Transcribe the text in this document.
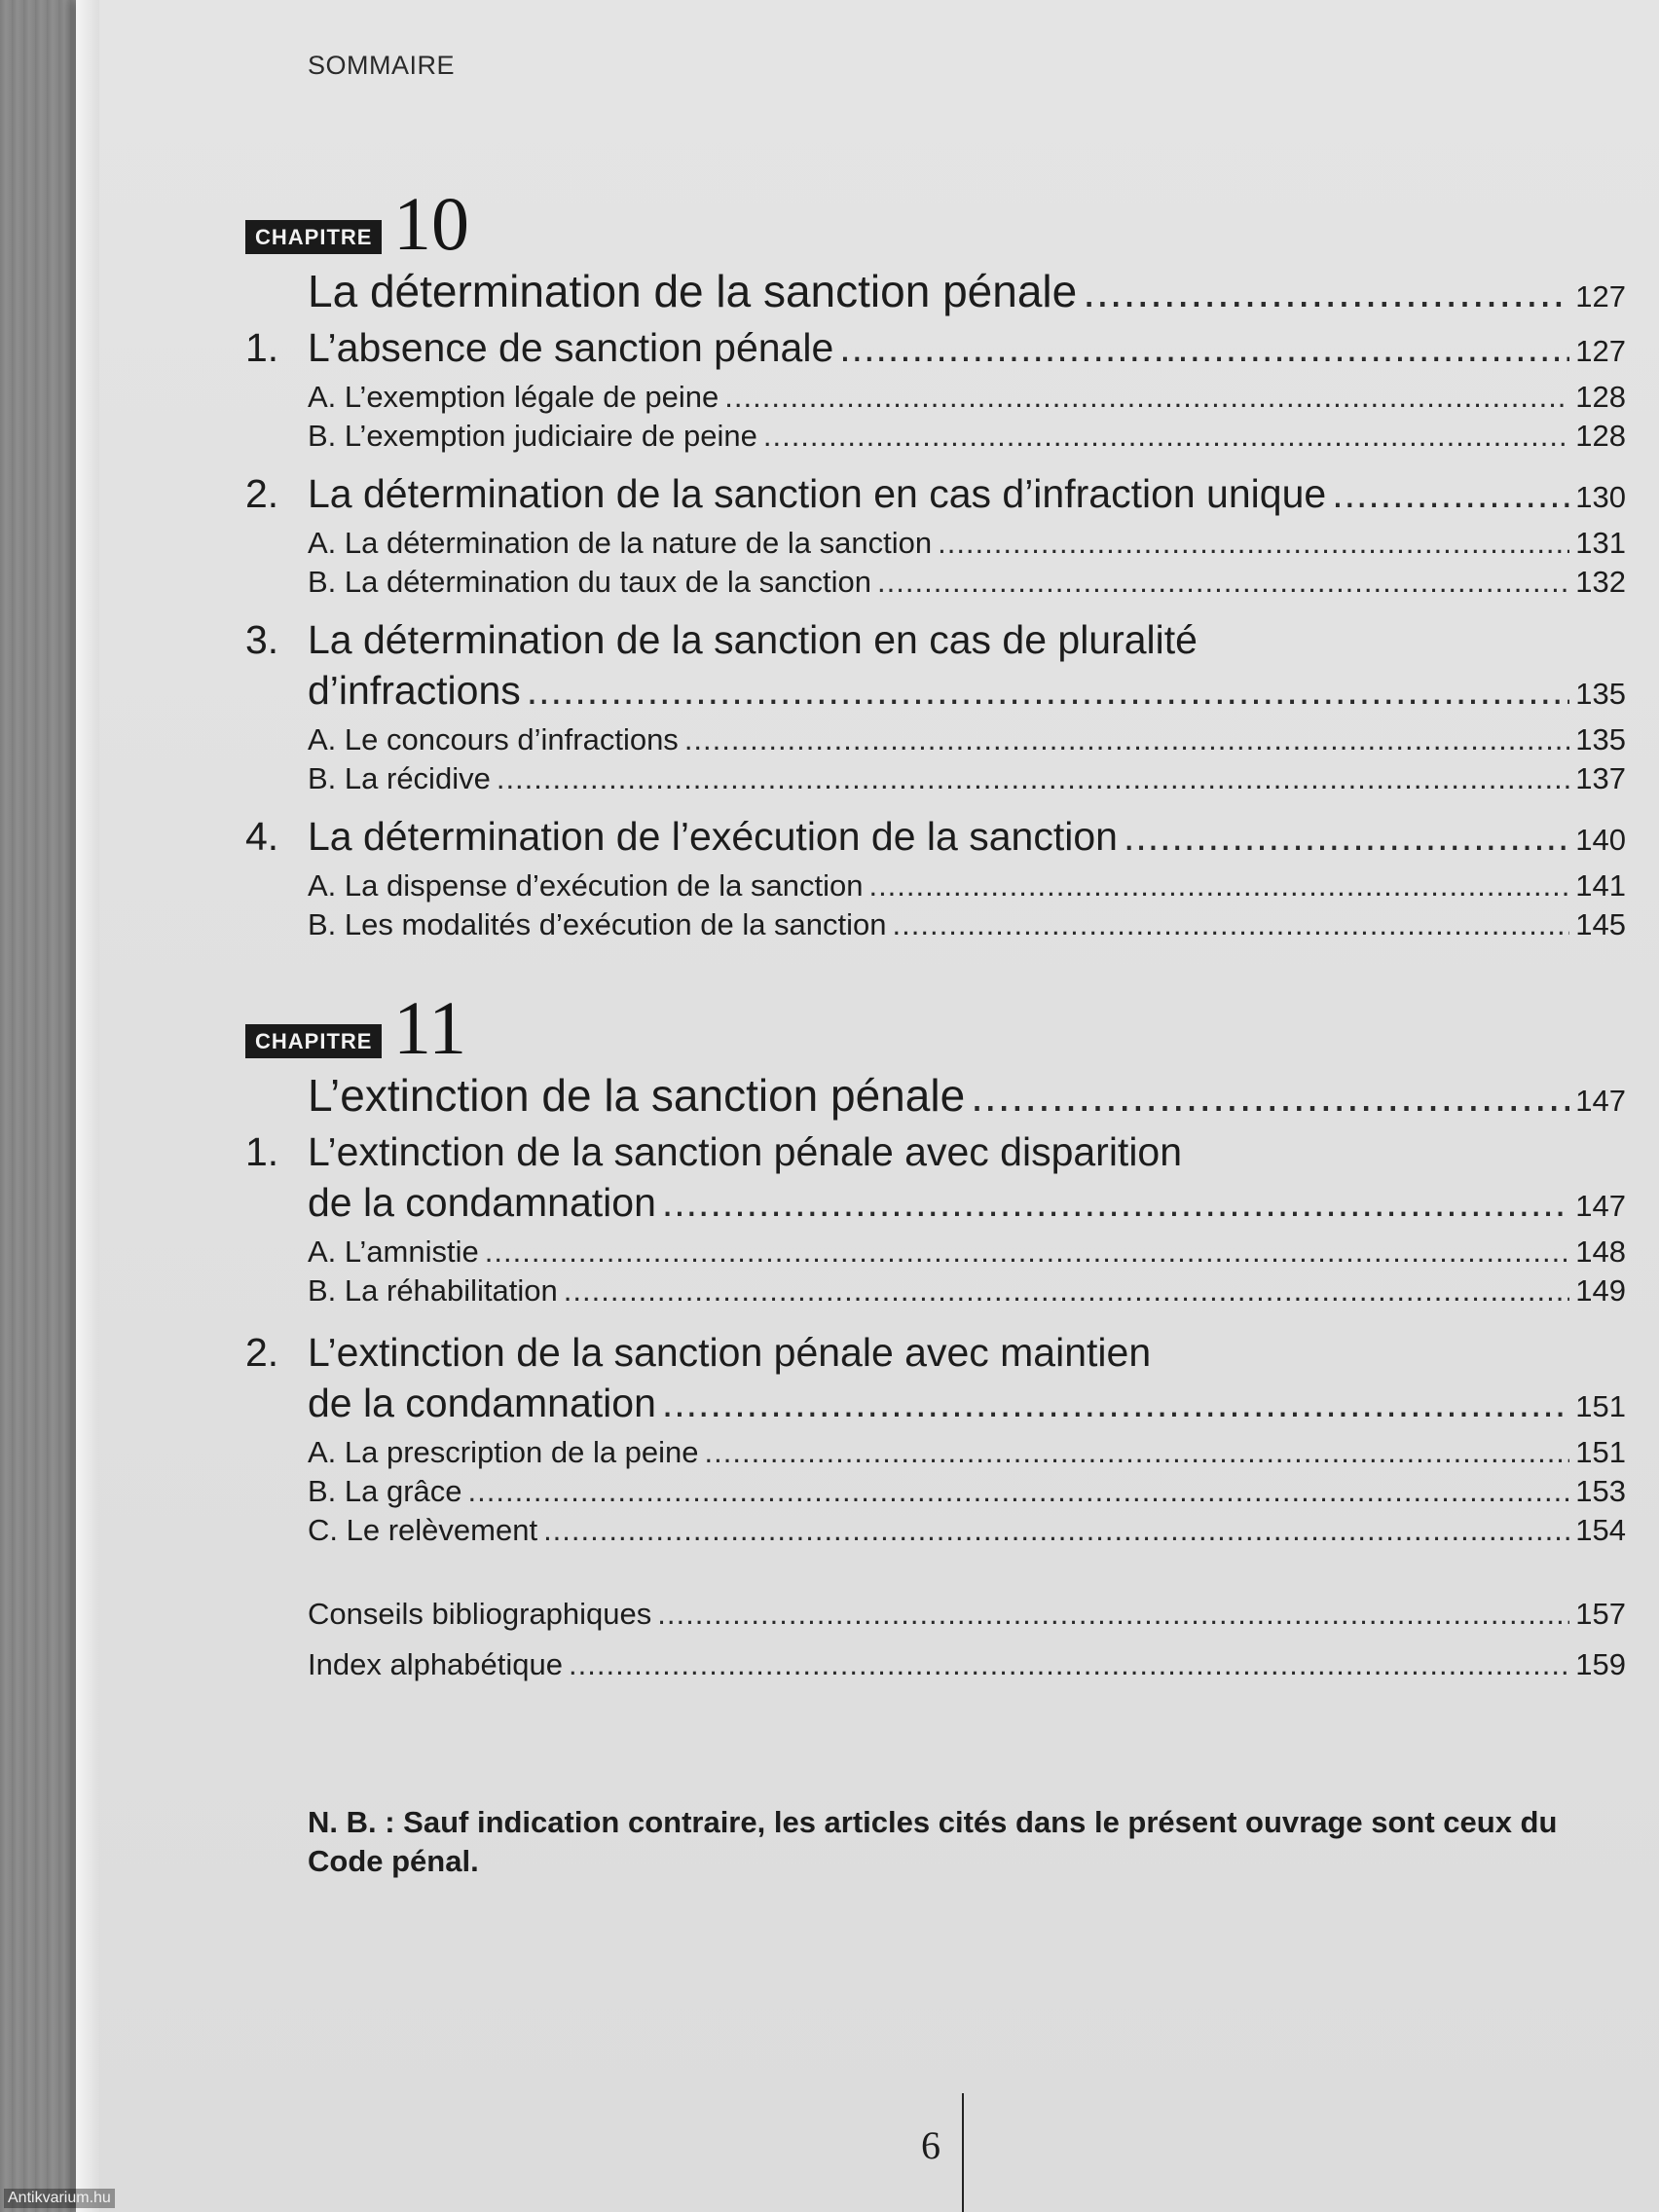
SOMMAIRE
CHAPITRE 10
La détermination de la sanction pénale .....	127
1. L’absence de sanction pénale .....	127
A. L’exemption légale de peine .....	128
B. L’exemption judiciaire de peine .....	128
2. La détermination de la sanction en cas d’infraction unique .....	130
A. La détermination de la nature de la sanction .....	131
B. La détermination du taux de la sanction .....	132
3. La détermination de la sanction en cas de pluralité
d’infractions .....	135
A. Le concours d’infractions .....	135
B. La récidive .....	137
4. La détermination de l’exécution de la sanction .....	140
A. La dispense d’exécution de la sanction .....	141
B. Les modalités d’exécution de la sanction .....	145
CHAPITRE 11
L’extinction de la sanction pénale .....	147
1. L’extinction de la sanction pénale avec disparition
de la condamnation .....	147
A. L’amnistie .....	148
B. La réhabilitation .....	149
2. L’extinction de la sanction pénale avec maintien
de la condamnation .....	151
A. La prescription de la peine .....	151
B. La grâce .....	153
C. Le relèvement .....	154
Conseils bibliographiques .....	157
Index alphabétique .....	159
N. B. : Sauf indication contraire, les articles cités dans le présent ouvrage sont ceux du Code pénal.
6
Antikvarium.hu
